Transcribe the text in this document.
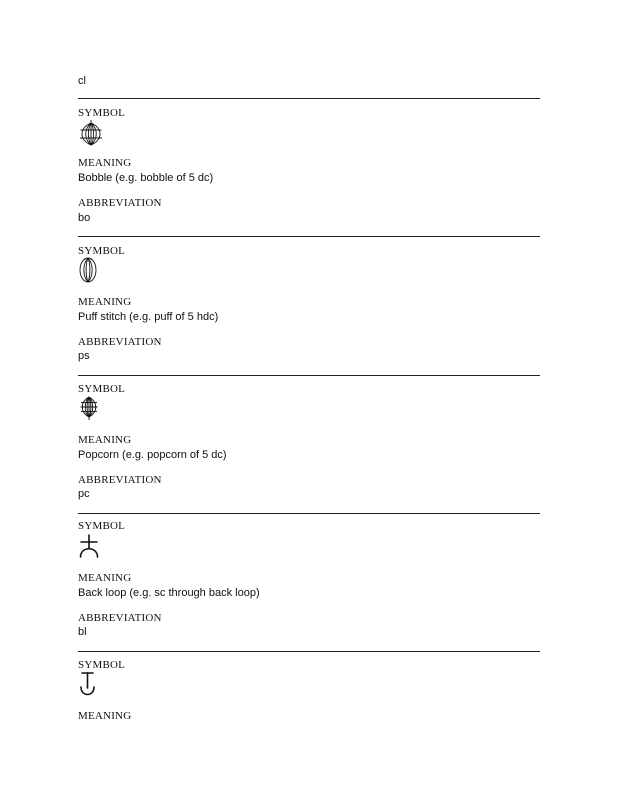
cl
SYMBOL
MEANING
Bobble (e.g. bobble of 5 dc)
ABBREVIATION
bo
SYMBOL
MEANING
Puff stitch (e.g. puff of 5 hdc)
ABBREVIATION
ps
SYMBOL
MEANING
Popcorn (e.g. popcorn of 5 dc)
ABBREVIATION
pc
SYMBOL
MEANING
Back loop (e.g. sc through back loop)
ABBREVIATION
bl
SYMBOL
MEANING
